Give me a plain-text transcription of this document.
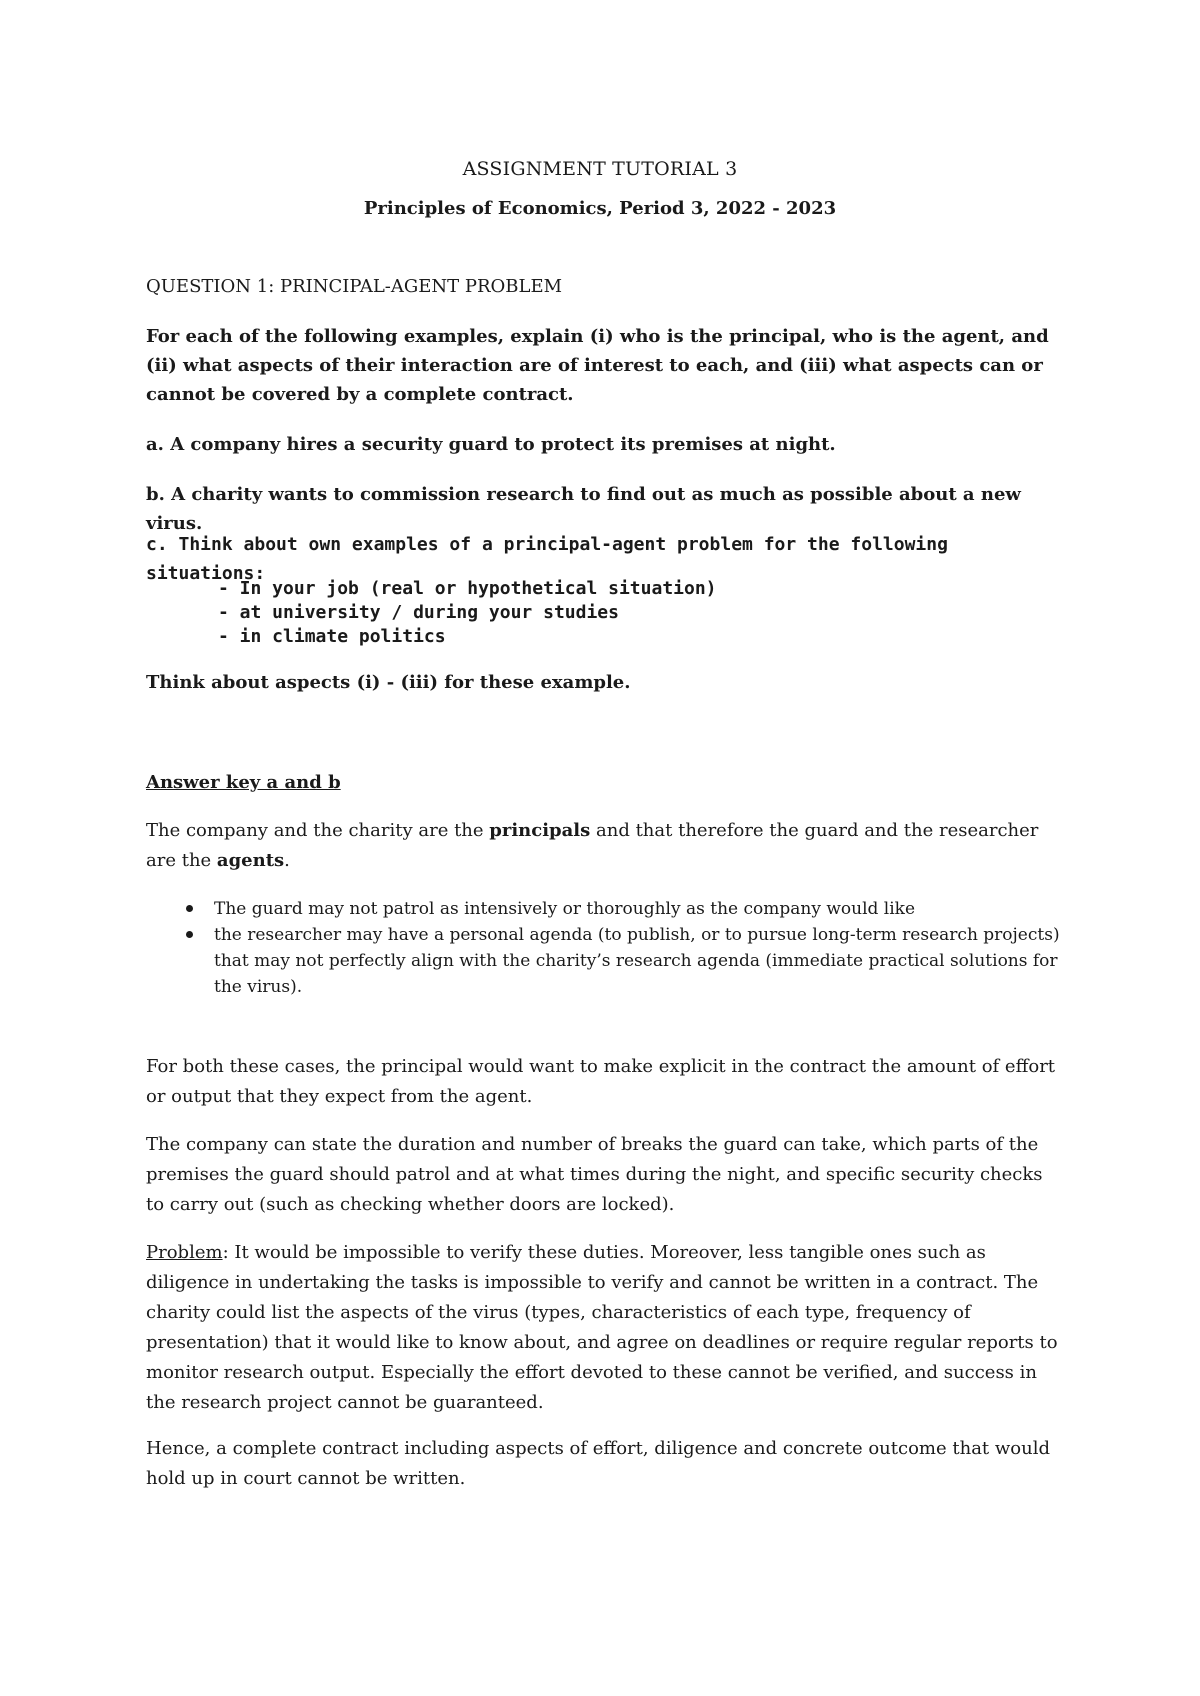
ASSIGNMENT TUTORIAL 3
Principles of Economics, Period 3, 2022 - 2023
QUESTION 1: PRINCIPAL-AGENT PROBLEM
For each of the following examples, explain (i) who is the principal, who is the agent, and (ii) what aspects of their interaction are of interest to each, and (iii) what aspects can or cannot be covered by a complete contract.
a. A company hires a security guard to protect its premises at night.
b. A charity wants to commission research to find out as much as possible about a new virus.
c. Think about own examples of a principal-agent problem for the following situations:
- In your job (real or hypothetical situation)
- at university / during your studies
- in climate politics
Think about aspects (i) - (iii) for these example.
Answer key a and b
The company and the charity are the principals and that therefore the guard and the researcher are the agents.
The guard may not patrol as intensively or thoroughly as the company would like
the researcher may have a personal agenda (to publish, or to pursue long-term research projects) that may not perfectly align with the charity’s research agenda (immediate practical solutions for the virus).
For both these cases, the principal would want to make explicit in the contract the amount of effort or output that they expect from the agent.
The company can state the duration and number of breaks the guard can take, which parts of the premises the guard should patrol and at what times during the night, and specific security checks to carry out (such as checking whether doors are locked).
Problem: It would be impossible to verify these duties. Moreover, less tangible ones such as diligence in undertaking the tasks is impossible to verify and cannot be written in a contract. The charity could list the aspects of the virus (types, characteristics of each type, frequency of presentation) that it would like to know about, and agree on deadlines or require regular reports to monitor research output. Especially the effort devoted to these cannot be verified, and success in the research project cannot be guaranteed.
Hence, a complete contract including aspects of effort, diligence and concrete outcome that would hold up in court cannot be written.
